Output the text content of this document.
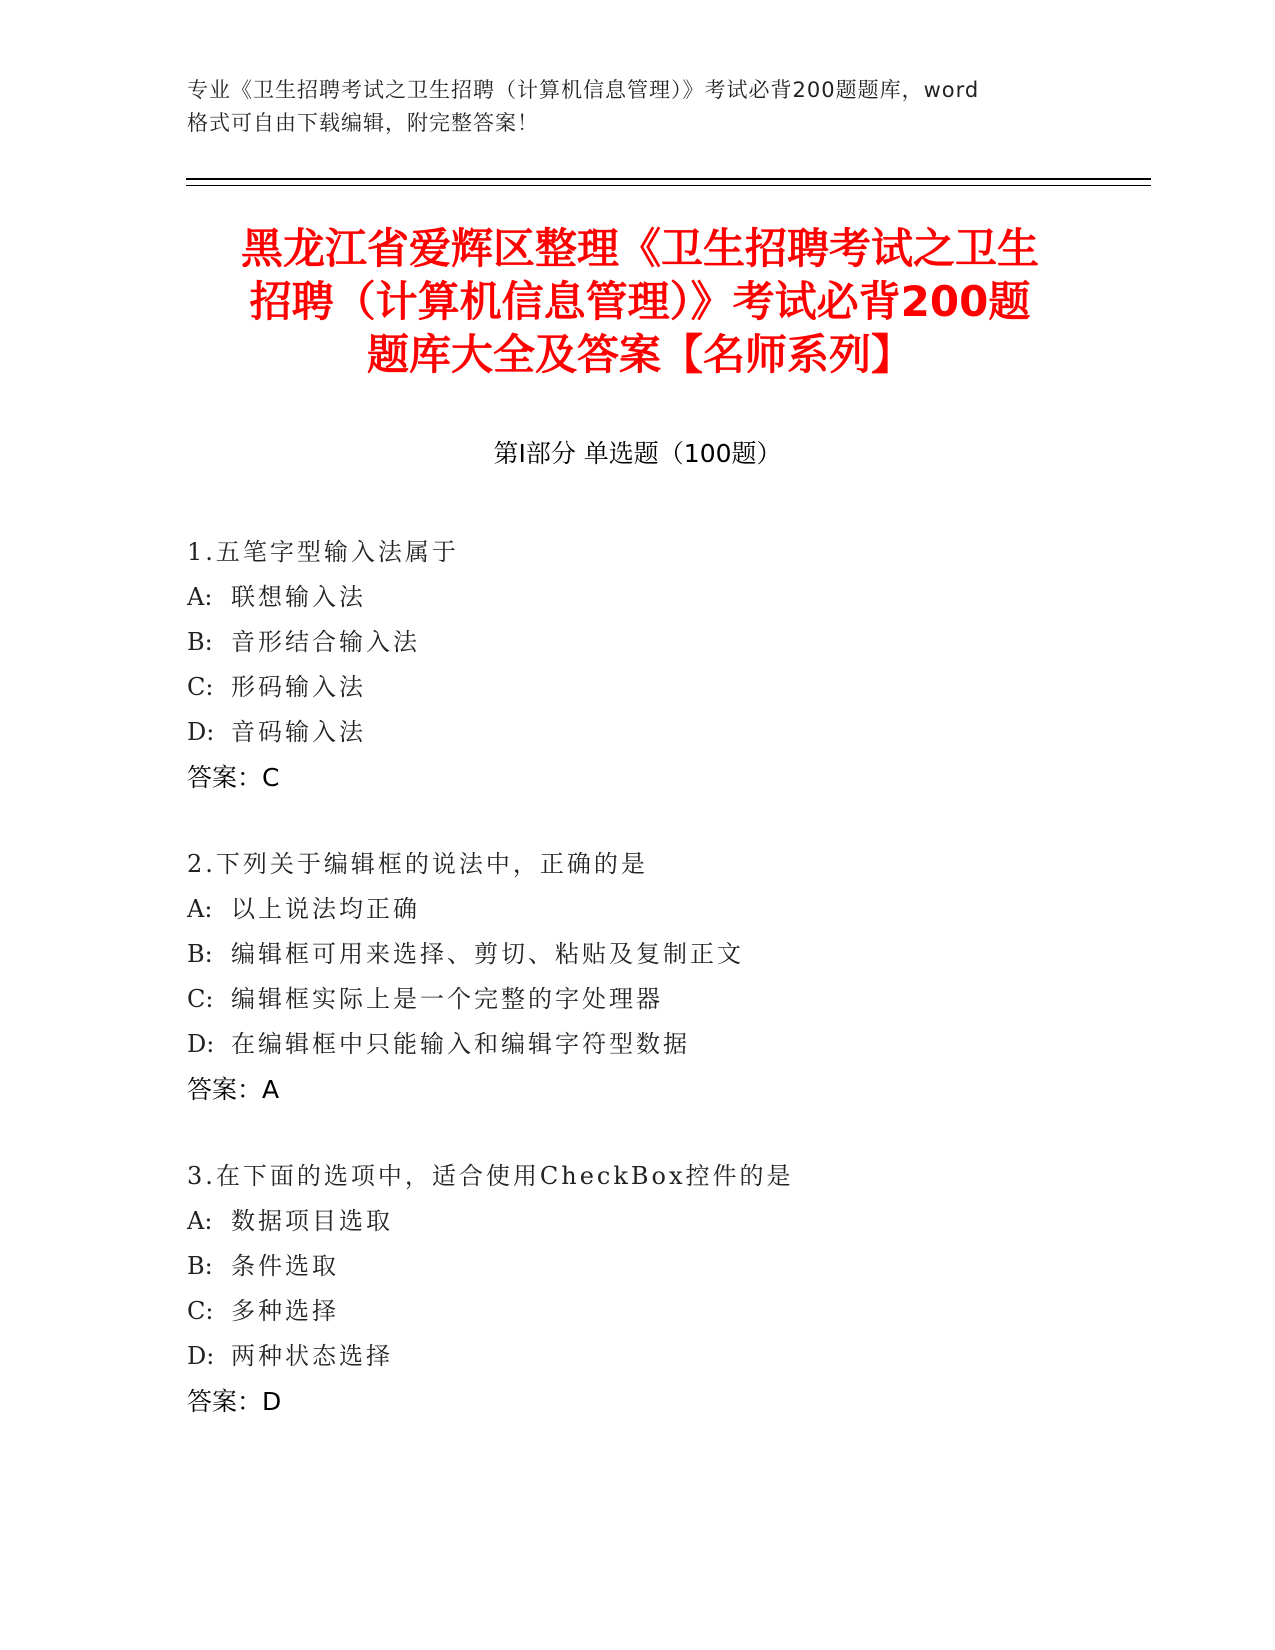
专业《卫生招聘考试之卫生招聘（计算机信息管理）》考试必背200题题库，word
格式可自由下载编辑，附完整答案！
黑龙江省爱辉区整理《卫生招聘考试之卫生
招聘（计算机信息管理）》考试必背200题
题库大全及答案【名师系列】
第Ⅰ部分 单选题（100题）
1.五笔字型输入法属于
A: 联想输入法
B: 音形结合输入法
C: 形码输入法
D: 音码输入法
答案：C
2.下列关于编辑框的说法中，正确的是
A: 以上说法均正确
B: 编辑框可用来选择、剪切、粘贴及复制正文
C: 编辑框实际上是一个完整的字处理器
D: 在编辑框中只能输入和编辑字符型数据
答案：A
3.在下面的选项中，适合使用CheckBox控件的是
A: 数据项目选取
B: 条件选取
C: 多种选择
D: 两种状态选择
答案：D
